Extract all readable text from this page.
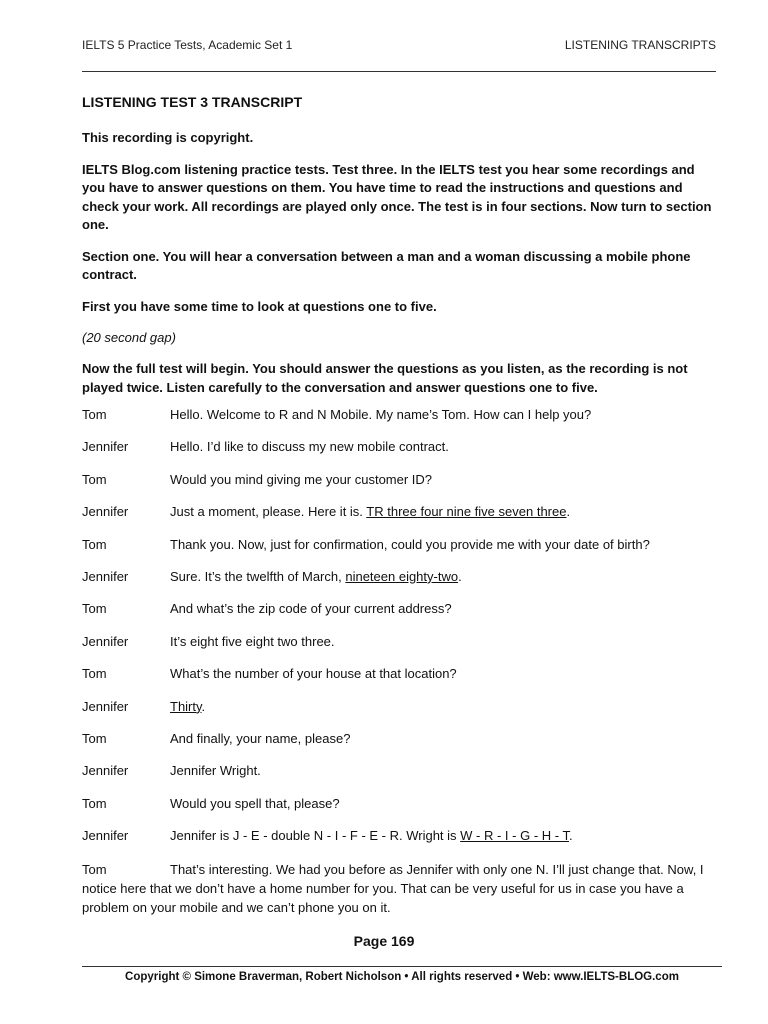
IELTS 5 Practice Tests, Academic Set 1	LISTENING TRANSCRIPTS
LISTENING TEST 3 TRANSCRIPT
This recording is copyright.
IELTS Blog.com listening practice tests. Test three. In the IELTS test you hear some recordings and you have to answer questions on them. You have time to read the instructions and questions and check your work. All recordings are played only once. The test is in four sections. Now turn to section one.
Section one. You will hear a conversation between a man and a woman discussing a mobile phone contract.
First you have some time to look at questions one to five.
(20 second gap)
Now the full test will begin. You should answer the questions as you listen, as the recording is not played twice. Listen carefully to the conversation and answer questions one to five.
Tom	Hello. Welcome to R and N Mobile. My name’s Tom. How can I help you?
Jennifer	Hello. I’d like to discuss my new mobile contract.
Tom	Would you mind giving me your customer ID?
Jennifer	Just a moment, please. Here it is. TR three four nine five seven three.
Tom	Thank you. Now, just for confirmation, could you provide me with your date of birth?
Jennifer	Sure. It’s the twelfth of March, nineteen eighty-two.
Tom	And what’s the zip code of your current address?
Jennifer	It’s eight five eight two three.
Tom	What’s the number of your house at that location?
Jennifer	Thirty.
Tom	And finally, your name, please?
Jennifer	Jennifer Wright.
Tom	Would you spell that, please?
Jennifer	Jennifer is J - E - double N - I - F - E - R. Wright is W - R - I - G - H - T.
Tom	That’s interesting. We had you before as Jennifer with only one N. I’ll just change that. Now, I notice here that we don’t have a home number for you. That can be very useful for us in case you have a problem on your mobile and we can’t phone you on it.
Page 169
Copyright © Simone Braverman, Robert Nicholson • All rights reserved • Web: www.IELTS-BLOG.com
